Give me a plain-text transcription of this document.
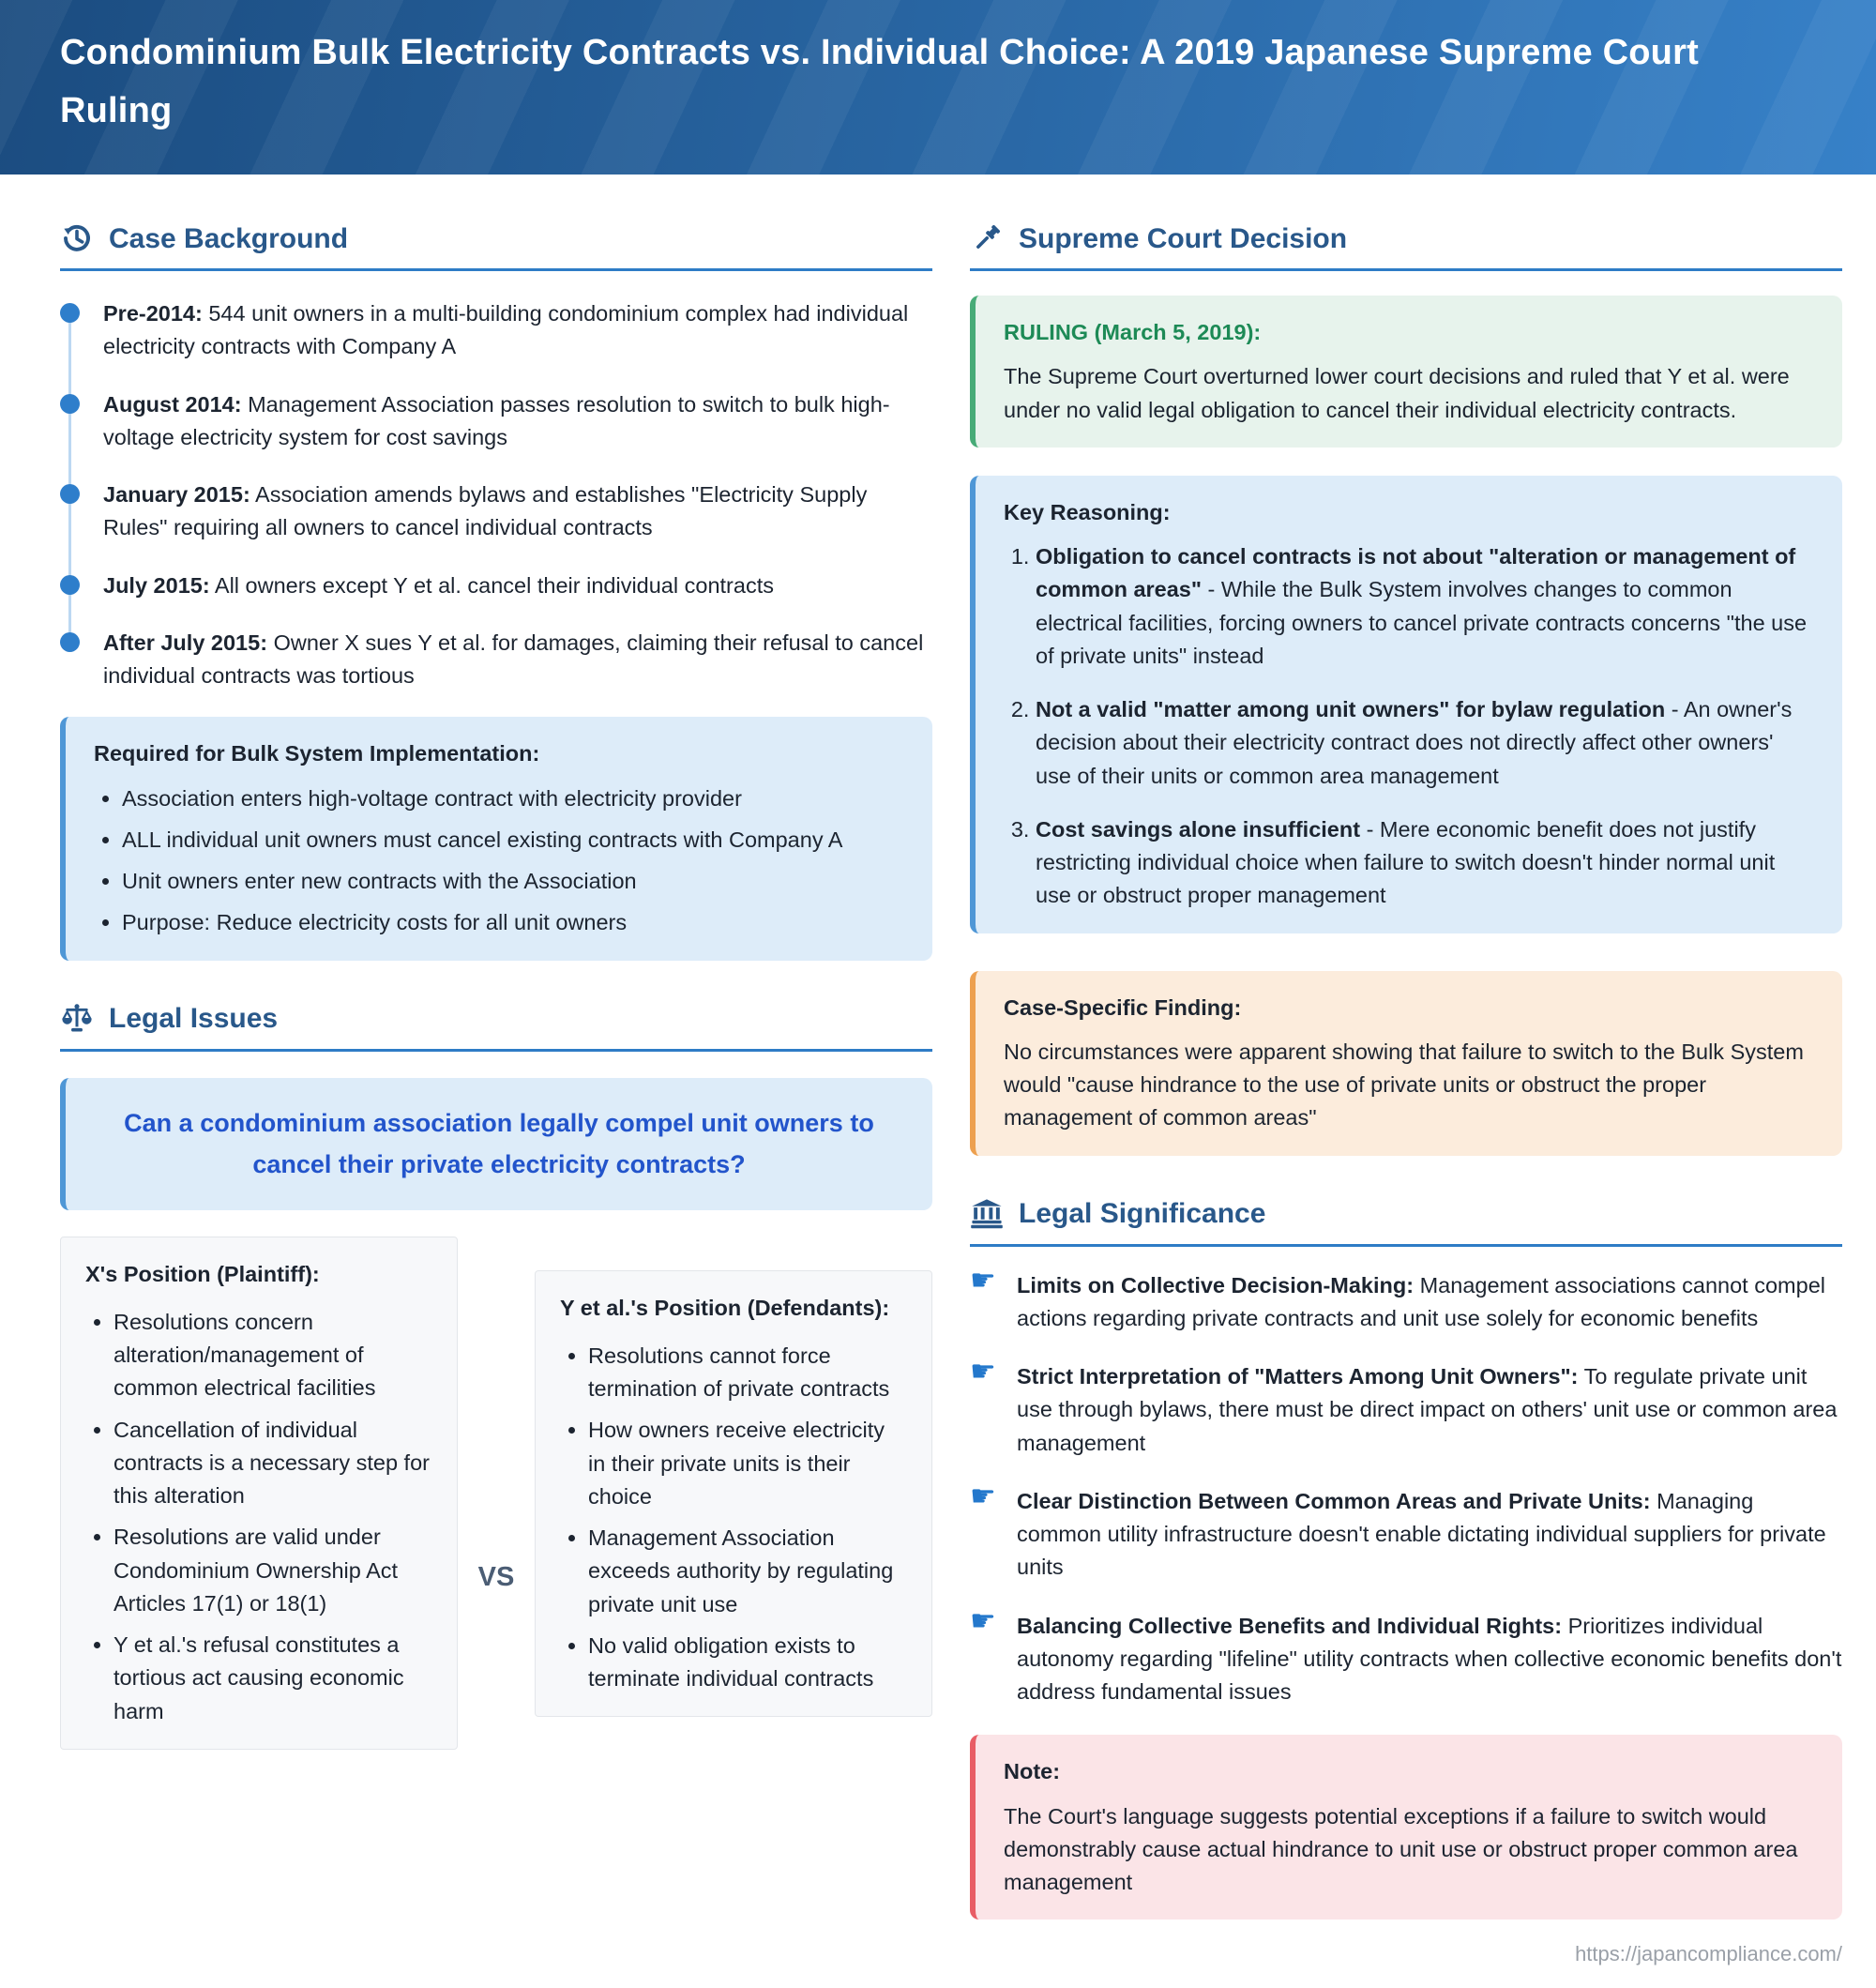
Condominium Bulk Electricity Contracts vs. Individual Choice: A 2019 Japanese Supreme Court Ruling
Case Background
Pre-2014: 544 unit owners in a multi-building condominium complex had individual electricity contracts with Company A
August 2014: Management Association passes resolution to switch to bulk high-voltage electricity system for cost savings
January 2015: Association amends bylaws and establishes "Electricity Supply Rules" requiring all owners to cancel individual contracts
July 2015: All owners except Y et al. cancel their individual contracts
After July 2015: Owner X sues Y et al. for damages, claiming their refusal to cancel individual contracts was tortious

Required for Bulk System Implementation:

• Association enters high-voltage contract with electricity provider
• ALL individual unit owners must cancel existing contracts with Company A
• Unit owners enter new contracts with the Association
• Purpose: Reduce electricity costs for all unit owners
Legal Issues

Can a condominium association legally compel unit owners to cancel their private electricity contracts?

X's Position (Plaintiff):

• Resolutions concern alteration/management of common electrical facilities
• Cancellation of individual contracts is a necessary step for this alteration
• Resolutions are valid under Condominium Ownership Act Articles 17(1) or 18(1)
• Y et al.'s refusal constitutes a tortious act causing economic harm
VS

Y et al.'s Position (Defendants):

• Resolutions cannot force termination of private contracts
• How owners receive electricity in their private units is their choice
• Management Association exceeds authority by regulating private unit use
• No valid obligation exists to terminate individual contracts
Supreme Court Decision

RULING (March 5, 2019):

The Supreme Court overturned lower court decisions and ruled that Y et al. were under no valid legal obligation to cancel their individual electricity contracts.

Key Reasoning:

1. Obligation to cancel contracts is not about "alteration or management of common areas" - While the Bulk System involves changes to common electrical facilities, forcing owners to cancel private contracts concerns "the use of private units" instead
2. Not a valid "matter among unit owners" for bylaw regulation - An owner's decision about their electricity contract does not directly affect other owners' use of their units or common area management
3. Cost savings alone insufficient - Mere economic benefit does not justify restricting individual choice when failure to switch doesn't hinder normal unit use or obstruct proper management

Case-Specific Finding:

No circumstances were apparent showing that failure to switch to the Bulk System would "cause hindrance to the use of private units or obstruct the proper management of common areas"

Legal Significance
☛ Limits on Collective Decision-Making: Management associations cannot compel actions regarding private contracts and unit use solely for economic benefits
☛ Strict Interpretation of "Matters Among Unit Owners": To regulate private unit use through bylaws, there must be direct impact on others' unit use or common area management
☛ Clear Distinction Between Common Areas and Private Units: Managing common utility infrastructure doesn't enable dictating individual suppliers for private units
☛ Balancing Collective Benefits and Individual Rights: Prioritizes individual autonomy regarding "lifeline" utility contracts when collective economic benefits don't address fundamental issues

Note:

The Court's language suggests potential exceptions if a failure to switch would demonstrably cause actual hindrance to unit use or obstruct proper common area management

https://japancompliance.com/
